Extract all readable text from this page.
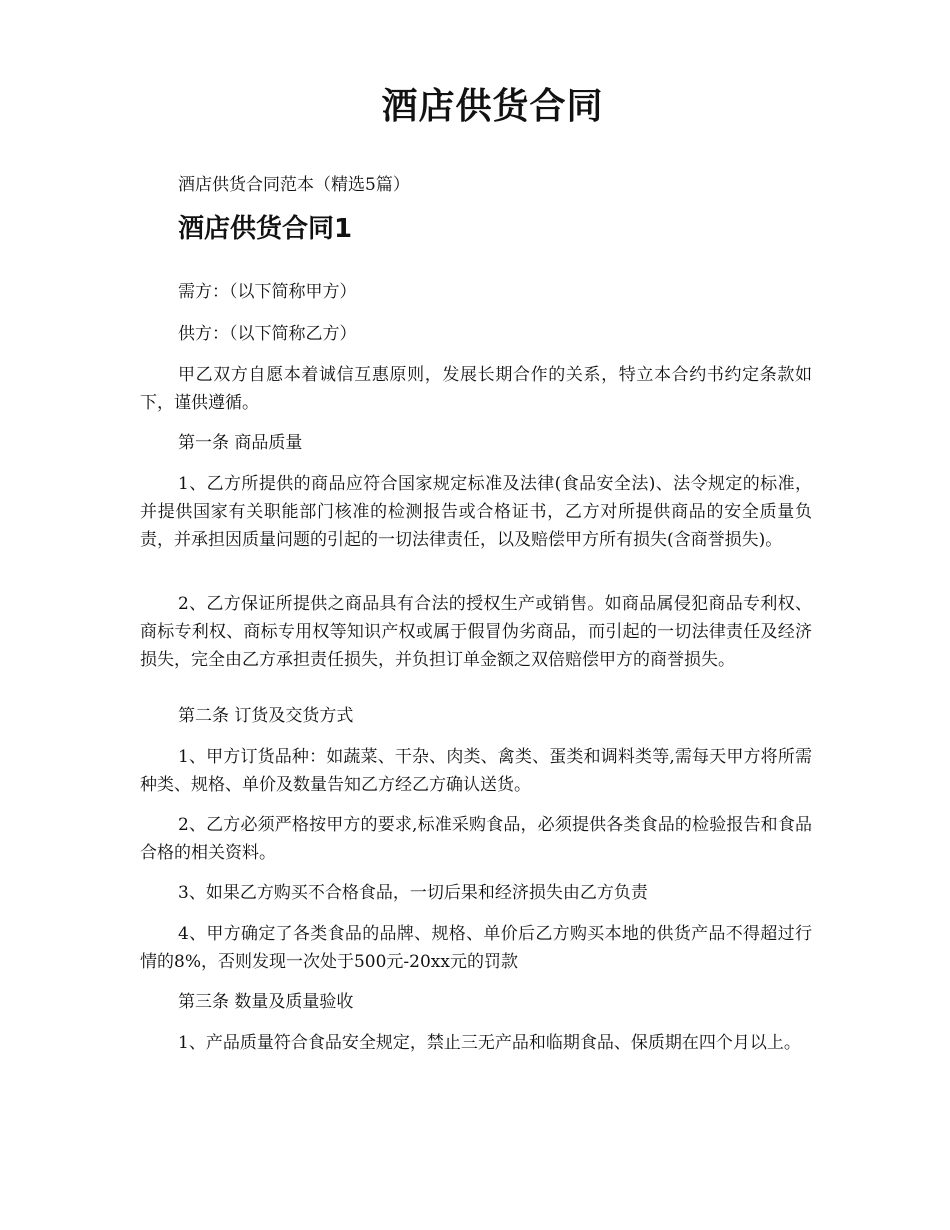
酒店供货合同

酒店供货合同范本（精选5篇）

酒店供货合同1

需方：（以下简称甲方）

供方：（以下简称乙方）

甲乙双方自愿本着诚信互惠原则，发展长期合作的关系，特立本合约书约定条款如下，谨供遵循。

第一条 商品质量

1、乙方所提供的商品应符合国家规定标准及法律(食品安全法)、法令规定的标准，并提供国家有关职能部门核准的检测报告或合格证书，乙方对所提供商品的安全质量负责，并承担因质量问题的引起的一切法律责任，以及赔偿甲方所有损失(含商誉损失)。

2、乙方保证所提供之商品具有合法的授权生产或销售。如商品属侵犯商品专利权、商标专利权、商标专用权等知识产权或属于假冒伪劣商品，而引起的一切法律责任及经济损失，完全由乙方承担责任损失，并负担订单金额之双倍赔偿甲方的商誉损失。

第二条 订货及交货方式

1、甲方订货品种：如蔬菜、干杂、肉类、禽类、蛋类和调料类等,需每天甲方将所需种类、规格、单价及数量告知乙方经乙方确认送货。

2、乙方必须严格按甲方的要求,标准采购食品，必须提供各类食品的检验报告和食品合格的相关资料。

3、如果乙方购买不合格食品，一切后果和经济损失由乙方负责

4、甲方确定了各类食品的品牌、规格、单价后乙方购买本地的供货产品不得超过行情的8%，否则发现一次处于500元-20xx元的罚款

第三条 数量及质量验收

1、产品质量符合食品安全规定，禁止三无产品和临期食品、保质期在四个月以上。
